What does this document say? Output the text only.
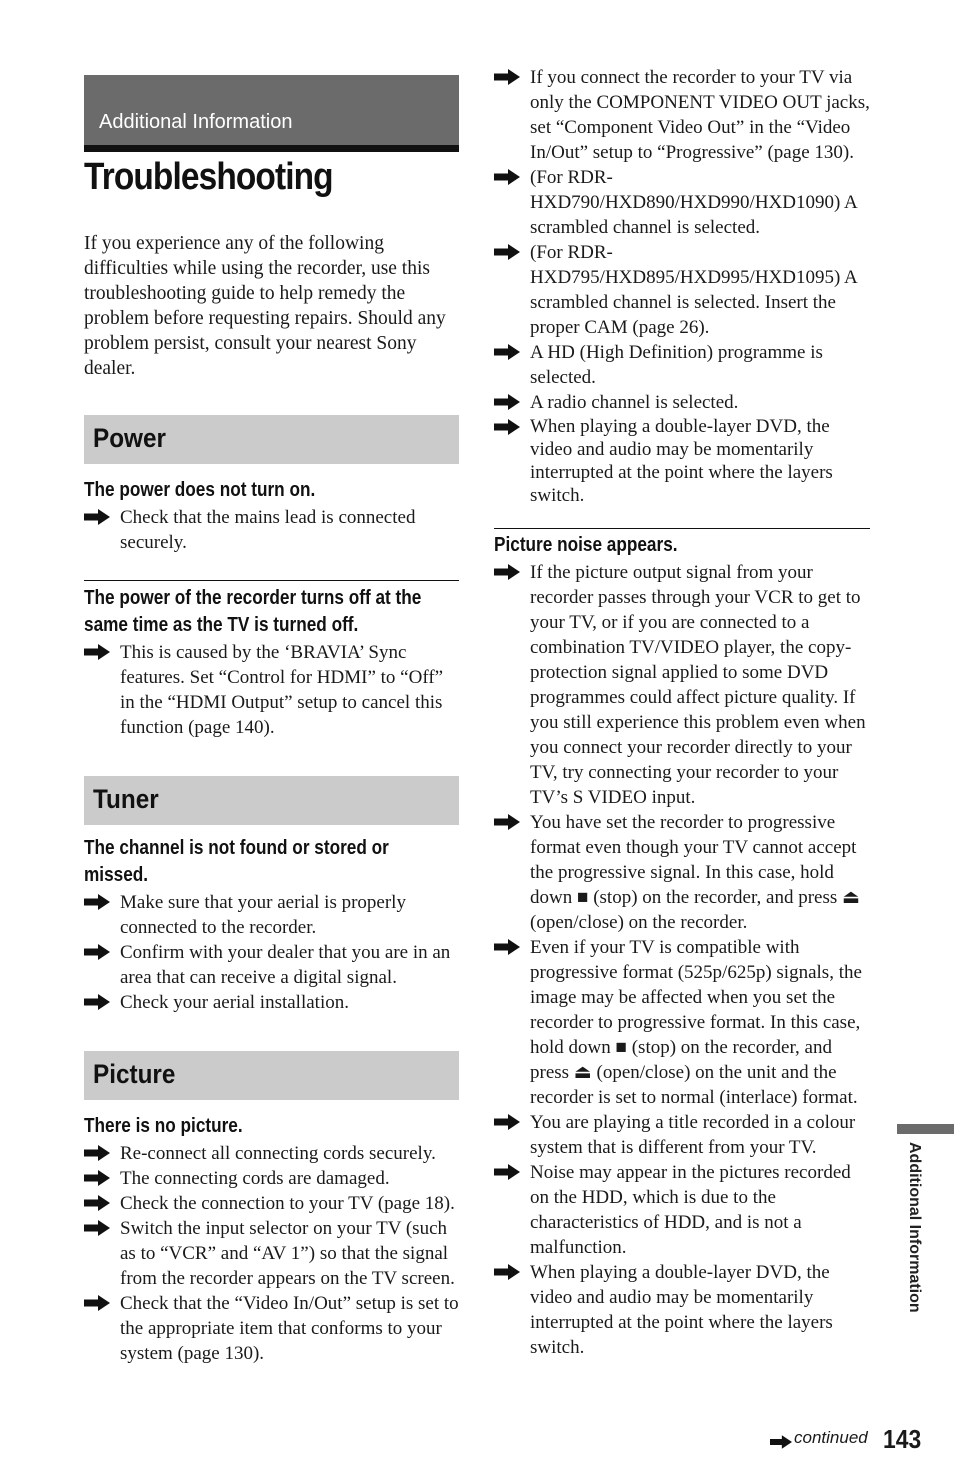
Additional Information
Troubleshooting
If you experience any of the following difficulties while using the recorder, use this troubleshooting guide to help remedy the problem before requesting repairs. Should any problem persist, consult your nearest Sony dealer.
Power
The power does not turn on.
Check that the mains lead is connected securely.
The power of the recorder turns off at the same time as the TV is turned off.
This is caused by the ‘BRAVIA’ Sync features. Set “Control for HDMI” to “Off” in the “HDMI Output” setup to cancel this function (page 140).
Tuner
The channel is not found or stored or missed.
Make sure that your aerial is properly connected to the recorder.
Confirm with your dealer that you are in an area that can receive a digital signal.
Check your aerial installation.
Picture
There is no picture.
Re-connect all connecting cords securely.
The connecting cords are damaged.
Check the connection to your TV (page 18).
Switch the input selector on your TV (such as to “VCR” and “AV 1”) so that the signal from the recorder appears on the TV screen.
Check that the “Video In/Out” setup is set to the appropriate item that conforms to your system (page 130).
If you connect the recorder to your TV via only the COMPONENT VIDEO OUT jacks, set “Component Video Out” in the “Video In/Out” setup to “Progressive” (page 130).
(For RDR-HXD790/HXD890/HXD990/HXD1090) A scrambled channel is selected.
(For RDR-HXD795/HXD895/HXD995/HXD1095) A scrambled channel is selected. Insert the proper CAM (page 26).
A HD (High Definition) programme is selected.
A radio channel is selected.
When playing a double-layer DVD, the video and audio may be momentarily interrupted at the point where the layers switch.
Picture noise appears.
If the picture output signal from your recorder passes through your VCR to get to your TV, or if you are connected to a combination TV/VIDEO player, the copy-protection signal applied to some DVD programmes could affect picture quality. If you still experience this problem even when you connect your recorder directly to your TV, try connecting your recorder to your TV’s S VIDEO input.
You have set the recorder to progressive format even though your TV cannot accept the progressive signal. In this case, hold down ■ (stop) on the recorder, and press ⏏ (open/close) on the recorder.
Even if your TV is compatible with progressive format (525p/625p) signals, the image may be affected when you set the recorder to progressive format. In this case, hold down ■ (stop) on the recorder, and press ⏏ (open/close) on the unit and the recorder is set to normal (interlace) format.
You are playing a title recorded in a colour system that is different from your TV.
Noise may appear in the pictures recorded on the HDD, which is due to the characteristics of HDD, and is not a malfunction.
When playing a double-layer DVD, the video and audio may be momentarily interrupted at the point where the layers switch.
Additional Information
continued 143
